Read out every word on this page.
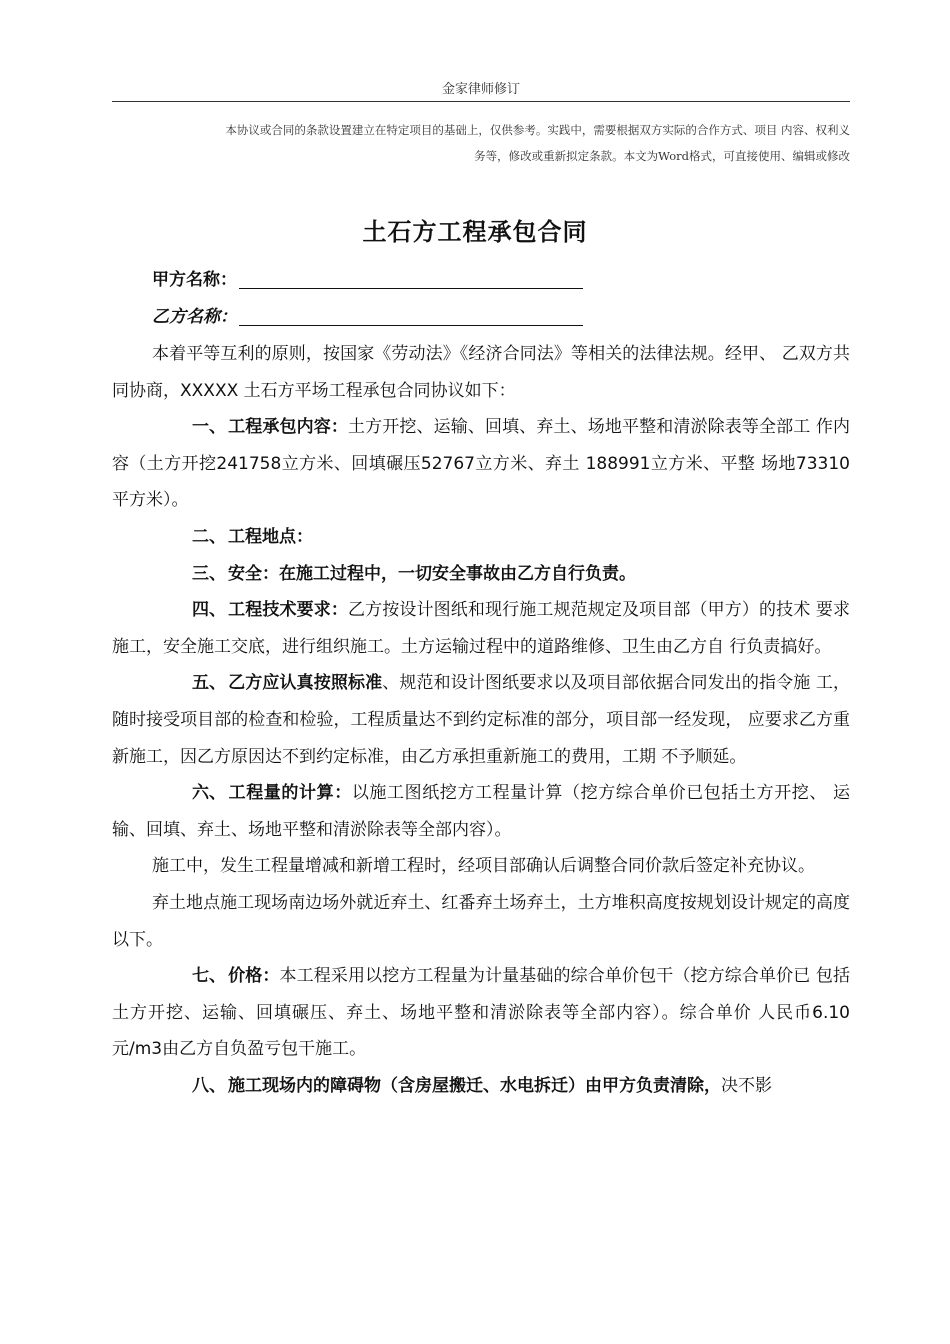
金家律师修订
本协议或合同的条款设置建立在特定项目的基础上，仅供参考。实践中，需要根据双方实际的合作方式、项目 内容、权利义
务等，修改或重新拟定条款。本文为Word格式，可直接使用、编辑或修改
土石方工程承包合同
甲方名称：
乙方名称：

本着平等互利的原则，按国家《劳动法》《经济合同法》等相关的法律法规。经甲、 乙双方共同协商，XXXXX 土石方平场工程承包合同协议如下：

一、 工程承包内容：土方开挖、运输、回填、弃土、场地平整和清淤除表等全部工 作内容（土方开挖241758立方米、回填碾压52767立方米、弃土 188991立方米、平整 场地73310平方米）。

二、 工程地点：

三、 安全：在施工过程中，一切安全事故由乙方自行负责。

四、 工程技术要求：乙方按设计图纸和现行施工规范规定及项目部（甲方）的技术 要求施工，安全施工交底，进行组织施工。土方运输过程中的道路维修、卫生由乙方自 行负责搞好。

五、 乙方应认真按照标准、规范和设计图纸要求以及项目部依据合同发出的指令施 工，随时接受项目部的检查和检验，工程质量达不到约定标准的部分，项目部一经发现， 应要求乙方重新施工，因乙方原因达不到约定标准，由乙方承担重新施工的费用，工期 不予顺延。

六、 工程量的计算：以施工图纸挖方工程量计算（挖方综合单价已包括土方开挖、 运输、回填、弃土、场地平整和清淤除表等全部内容）。

施工中，发生工程量增减和新增工程时，经项目部确认后调整合同价款后签定补充协议。

弃土地点施工现场南边场外就近弃土、红番弃土场弃土，土方堆积高度按规划设计规定的高度以下。

七、 价格：本工程采用以挖方工程量为计量基础的综合单价包干（挖方综合单价已 包括土方开挖、运输、回填碾压、弃土、场地平整和清淤除表等全部内容）。综合单价 人民币6.10元/m3由乙方自负盈亏包干施工。

八、 施工现场内的障碍物（含房屋搬迁、水电拆迁）由甲方负责清除，决不影
